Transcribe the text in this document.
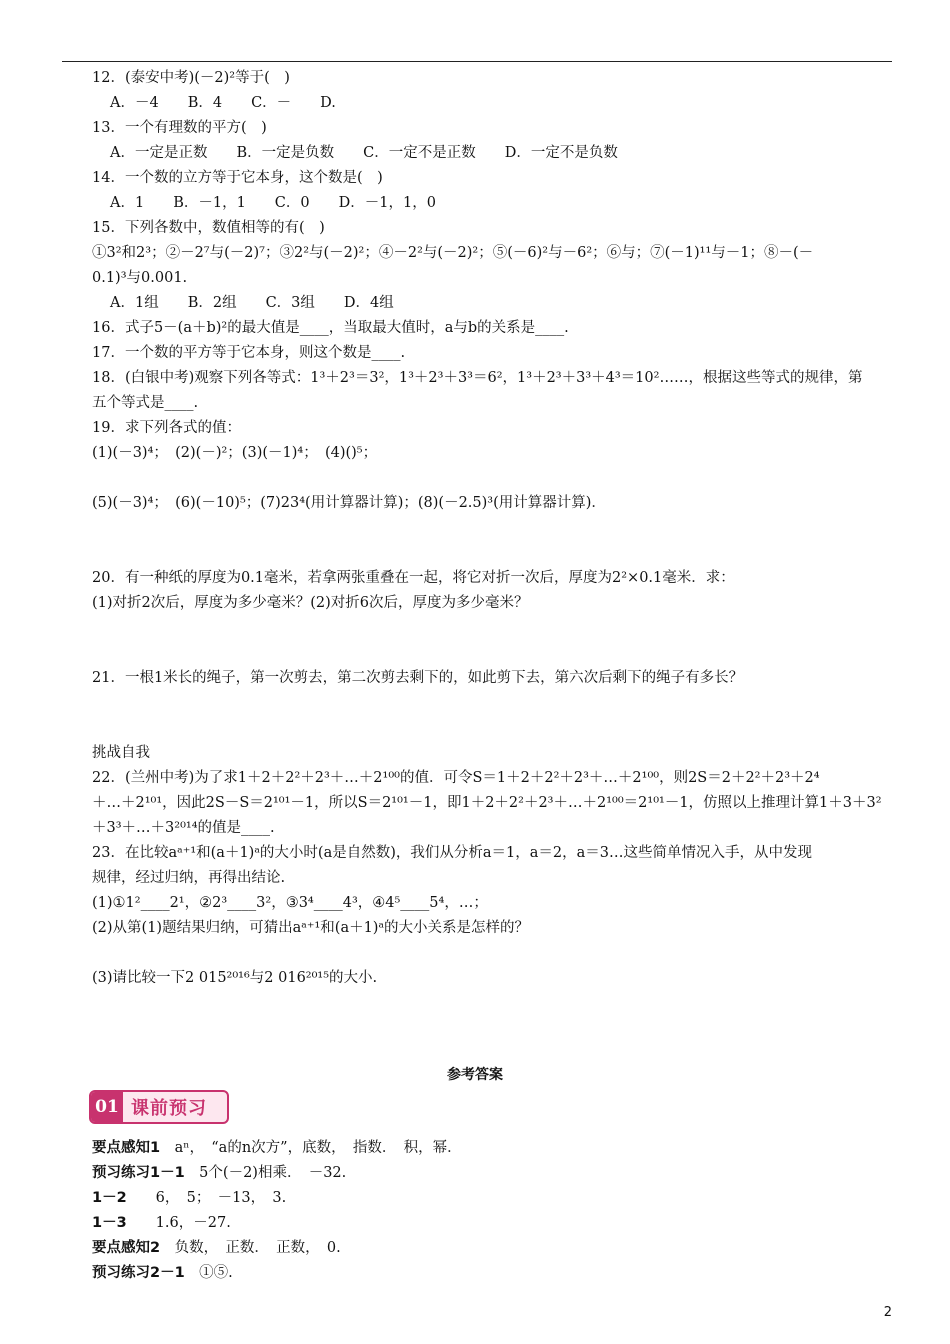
12．(泰安中考)(－2)²等于(　)
A．－4　　B．4　　C．－　　D.
13．一个有理数的平方(　)
A．一定是正数　　B．一定是负数　　C．一定不是正数　　D．一定不是负数
14．一个数的立方等于它本身，这个数是(　)
A．1　　B．－1，1　　C．0　　D．－1，1，0
15．下列各数中，数值相等的有(　)
①3²和2³；②－2⁷与(－2)⁷；③2²与(－2)²；④－2²与(－2)²；⑤(－6)²与－6²；⑥与；⑦(－1)¹¹与－1；⑧－(－
0.1)³与0.001.
A．1组　　B．2组　　C．3组　　D．4组
16．式子5－(a＋b)²的最大值是____，当取最大值时，a与b的关系是____.
17．一个数的平方等于它本身，则这个数是____.
18．(白银中考)观察下列各等式：1³＋2³＝3²，1³＋2³＋3³＝6²，1³＋2³＋3³＋4³＝10²……，根据这些等式的规律，第
五个等式是____.
19．求下列各式的值：
(1)(－3)⁴；　(2)(－)²；(3)(－1)⁴；　(4)()⁵；
(5)(－3)⁴；　(6)(－10)⁵；(7)23⁴(用计算器计算)；(8)(－2.5)³(用计算器计算)．
20．有一种纸的厚度为0.1毫米，若拿两张重叠在一起，将它对折一次后，厚度为2²×0.1毫米．求：
(1)对折2次后，厚度为多少毫米？(2)对折6次后，厚度为多少毫米？
21．一根1米长的绳子，第一次剪去，第二次剪去剩下的，如此剪下去，第六次后剩下的绳子有多长？
挑战自我
22．(兰州中考)为了求1＋2＋2²＋2³＋…＋2¹⁰⁰的值．可令S＝1＋2＋2²＋2³＋…＋2¹⁰⁰，则2S＝2＋2²＋2³＋2⁴
＋…＋2¹⁰¹，因此2S－S＝2¹⁰¹－1，所以S＝2¹⁰¹－1，即1＋2＋2²＋2³＋…＋2¹⁰⁰＝2¹⁰¹－1，仿照以上推理计算1＋3＋3²
＋3³＋…＋3²⁰¹⁴的值是____.
23．在比较aᵃ⁺¹和(a＋1)ᵃ的大小时(a是自然数)，我们从分析a＝1，a＝2，a＝3…这些简单情况入手，从中发现
规律，经过归纳，再得出结论.
(1)①1²____2¹，②2³____3²，③3⁴____4³，④4⁵____5⁴，…；
(2)从第(1)题结果归纳，可猜出aᵃ⁺¹和(a＋1)ᵃ的大小关系是怎样的？
(3)请比较一下2 015²⁰¹⁶与2 016²⁰¹⁵的大小.
参考答案
01 课前预习
要点感知1　aⁿ，　“a的n次方”，底数，　指数．　积，幂．
预习练习1－1　5个(－2)相乘．　－32.
1－2　　6，　5；　－13，　3.
1－3　　1.6，－27.
要点感知2　负数，　正数．　正数，　0.
预习练习2－1　①⑤.
2
